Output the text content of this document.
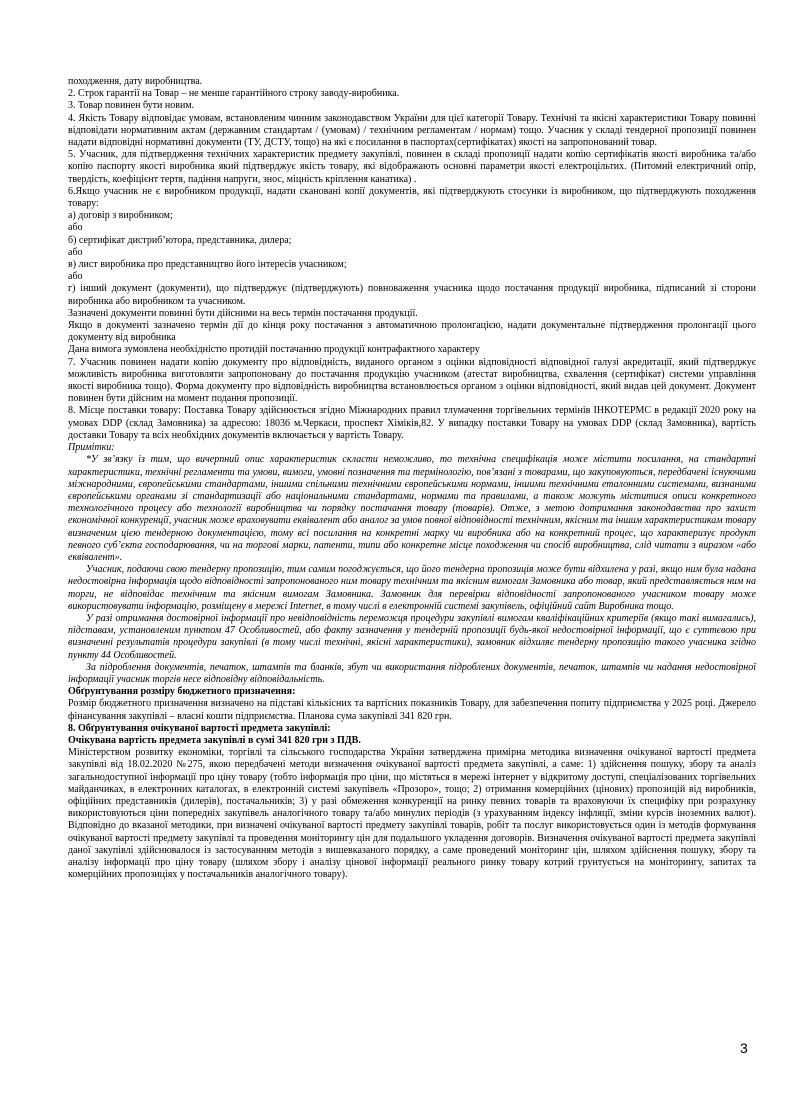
походження, дату виробництва.

2. Строк гарантії на Товар – не менше гарантійного строку заводу-виробника.

3. Товар повинен бути новим.

4. Якість Товару відповідає умовам, встановленим чинним законодавством України для цієї категорії Товару. Технічні та якісні характеристики Товару повинні відповідати нормативним актам (державним стандартам / (умовам) / технічним регламентам / нормам) тощо. Учасник у складі тендерної пропозиції повинен надати відповідні нормативні документи (ТУ, ДСТУ, тощо) на які є посилання в паспортах(сертифікатах) якості на запропонований товар.

5. Учасник, для підтвердження технічних характеристик предмету закупівлі, повинен в складі пропозиції надати копію сертифікатів якості виробника та/або копію паспорту якості виробника який підтверджує якість товару, які відображають основні параметри якості електроцільтих. (Питомий електричний опір, твердість, коефіцієнт тертя, падіння напруги, знос, міцність кріплення канатика) .

6.Якщо учасник не є виробником продукції, надати скановані копії документів, які підтверджують стосунки із виробником, що підтверджують походження товару:

а) договір з виробником;

або

б) сертифікат дистриб’ютора, представника, дилера;

або

в) лист виробника про представництво його інтересів учасником;

або

г) інший документ (документи), що підтверджує (підтверджують) повноваження учасника щодо постачання продукції виробника, підписаний зі сторони виробника або виробником та учасником.

Зазначені документи повинні бути дійсними на весь термін постачання продукції.

Якщо в документі зазначено термін дії до кінця року постачання з автоматичною пролонгацією, надати документальне підтвердження пролонгації цього документу від виробника

Дана вимога зумовлена необхідністю протидій постачанню продукції контрафактного характеру

7. Учасник повинен надати копію документу про відповідність, виданого органом з оцінки відповідності відповідної галузі акредитації, який підтверджує можливість виробника виготовляти запропоновану до постачання продукцію учасником (атестат виробництва, схвалення (сертифікат) системи управління якості виробника тощо). Форма документу про відповідність виробництва встановлюється органом з оцінки відповідності, який видав цей документ. Документ повинен бути дійсним на момент подання пропозиції.

8. Місце поставки товару: Поставка Товару здійснюється згідно Міжнародних правил тлумачення торгівельних термінів ІНКОТЕРМС в редакції 2020 року на умовах DDP (склад Замовника) за адресою: 18036 м.Черкаси, проспект Хіміків,82. У випадку поставки Товару на умовах DDP (склад Замовника), вартість доставки Товару та всіх необхідних документів включається у вартість Товару.

Примітки:

*У зв’язку із тим, що вичерпний опис характеристик скласти неможливо, то технічна специфікація може містити посилання, на стандартні характеристики, технічні регламенти та умови, вимоги, умовні позначення та термінологію, пов’язані з товарами, що закуповуються, передбачені існуючими міжнародними, європейськими стандартами, іншими спільними технічними європейськими нормами, іншими технічними еталонними системами, визнаними європейськими органами зі стандартизації або національними стандартами, нормами та правилами, а також можуть міститися описи конкретного технологічного процесу або технології виробництва чи порядку постачання товару (товарів). Отже, з метою дотримання законодавства про захист економічної конкуренції, учасник може враховувати еквівалент або аналог за умов повної відповідності технічним, якісним та іншим характеристикам товару визначеним цією тендерною документацією, тому всі посилання на конкретні марку чи виробника або на конкретний процес, що характеризує продукт певного суб’єкта господарювання, чи на торгові марки, патенти, типи або конкретне місце походження чи спосіб виробництва, слід читати з виразом «або еквівалент».

Учасник, подаючи свою тендерну пропозицію, тим самим погоджується, що його тендерна пропозиція може бути відхилена у разі, якщо ним була надана недостовірна інформація щодо відповідності запропонованого ним товару технічним та якісним вимогам Замовника або товар, який представляється ним на торги, не відповідає технічним та якісним вимогам Замовника. Замовник для перевірки відповідності запропонованого учасником товару може використовувати інформацію, розміщену в мережі Internet, в тому числі в електронній системі закупівель, офіційний сайт Виробника тощо.

У разі отримання достовірної інформації про невідповідність переможця процедури закупівлі вимогам кваліфікаційних критеріїв (якщо такі вимагались), підставам, установленим пунктом 47 Особливостей, або факту зазначення у тендерній пропозиції будь-якої недостовірної інформації, що є суттєвою при визначенні результатів процедури закупівлі (в тому числі технічні, якісні характеристики), замовник відхиляє тендерну пропозицію такого учасника згідно пункту 44 Особливостей.

За підроблення документів, печаток, штампів та бланків, збут чи використання підроблених документів, печаток, штампів чи надання недостовірної інформації учасник торгів несе відповідну відповідальність.

Обґрунтування розміру бюджетного призначення:

Розмір бюджетного призначення визначено на підставі кількісних та вартісних показників Товару, для забезпечення попиту підприємства у 2025 році. Джерело фінансування закупівлі – власні кошти підприємства. Планова сума закупівлі 341 820 грн.

8. Обґрунтування очікуваної вартості предмета закупівлі:

Очікувана вартість предмета закупівлі в сумі 341 820 грн з ПДВ.

Міністерством розвитку економіки, торгівлі та сільського господарства України затверджена примірна методика визначення очікуваної вартості предмета закупівлі від 18.02.2020 №275, якою передбачені методи визначення очікуваної вартості предмета закупівлі, а саме: 1) здійснення пошуку, збору та аналіз загальнодоступної інформації про ціну товару (тобто інформація про ціни, що містяться в мережі інтернет у відкритому доступі, спеціалізованих торгівельних майданчиках, в електронних каталогах, в електронній системі закупівель «Прозоро», тощо; 2) отримання комерційних (цінових) пропозицій від виробників, офіційних представників (дилерів), постачальників; 3) у разі обмеження конкуренції на ринку певних товарів та враховуючи їх специфіку при розрахунку використовуються ціни попередніх закупівель аналогічного товару та/або минулих періодів (з урахуванням індексу інфляції, зміни курсів іноземних валют). Відповідно до вказаної методики, при визначені очікуваної вартості предмету закупівлі товарів, робіт та послуг використовується один із методів формування очікуваної вартості предмету закупівлі та проведення моніторингу цін для подальшого укладення договорів. Визначення очікуваної вартості предмета закупівлі даної закупівлі здійснювалося із застосуванням методів з вишевказаного порядку, а саме проведений моніторинг цін, шляхом здійснення пошуку, збору та аналізу інформації про ціну товару (шляхом збору і аналізу цінової інформації реального ринку товару котрий грунтується на моніторингу, запитах та комерційних пропозиціях у постачальників аналогічного товару).

3
